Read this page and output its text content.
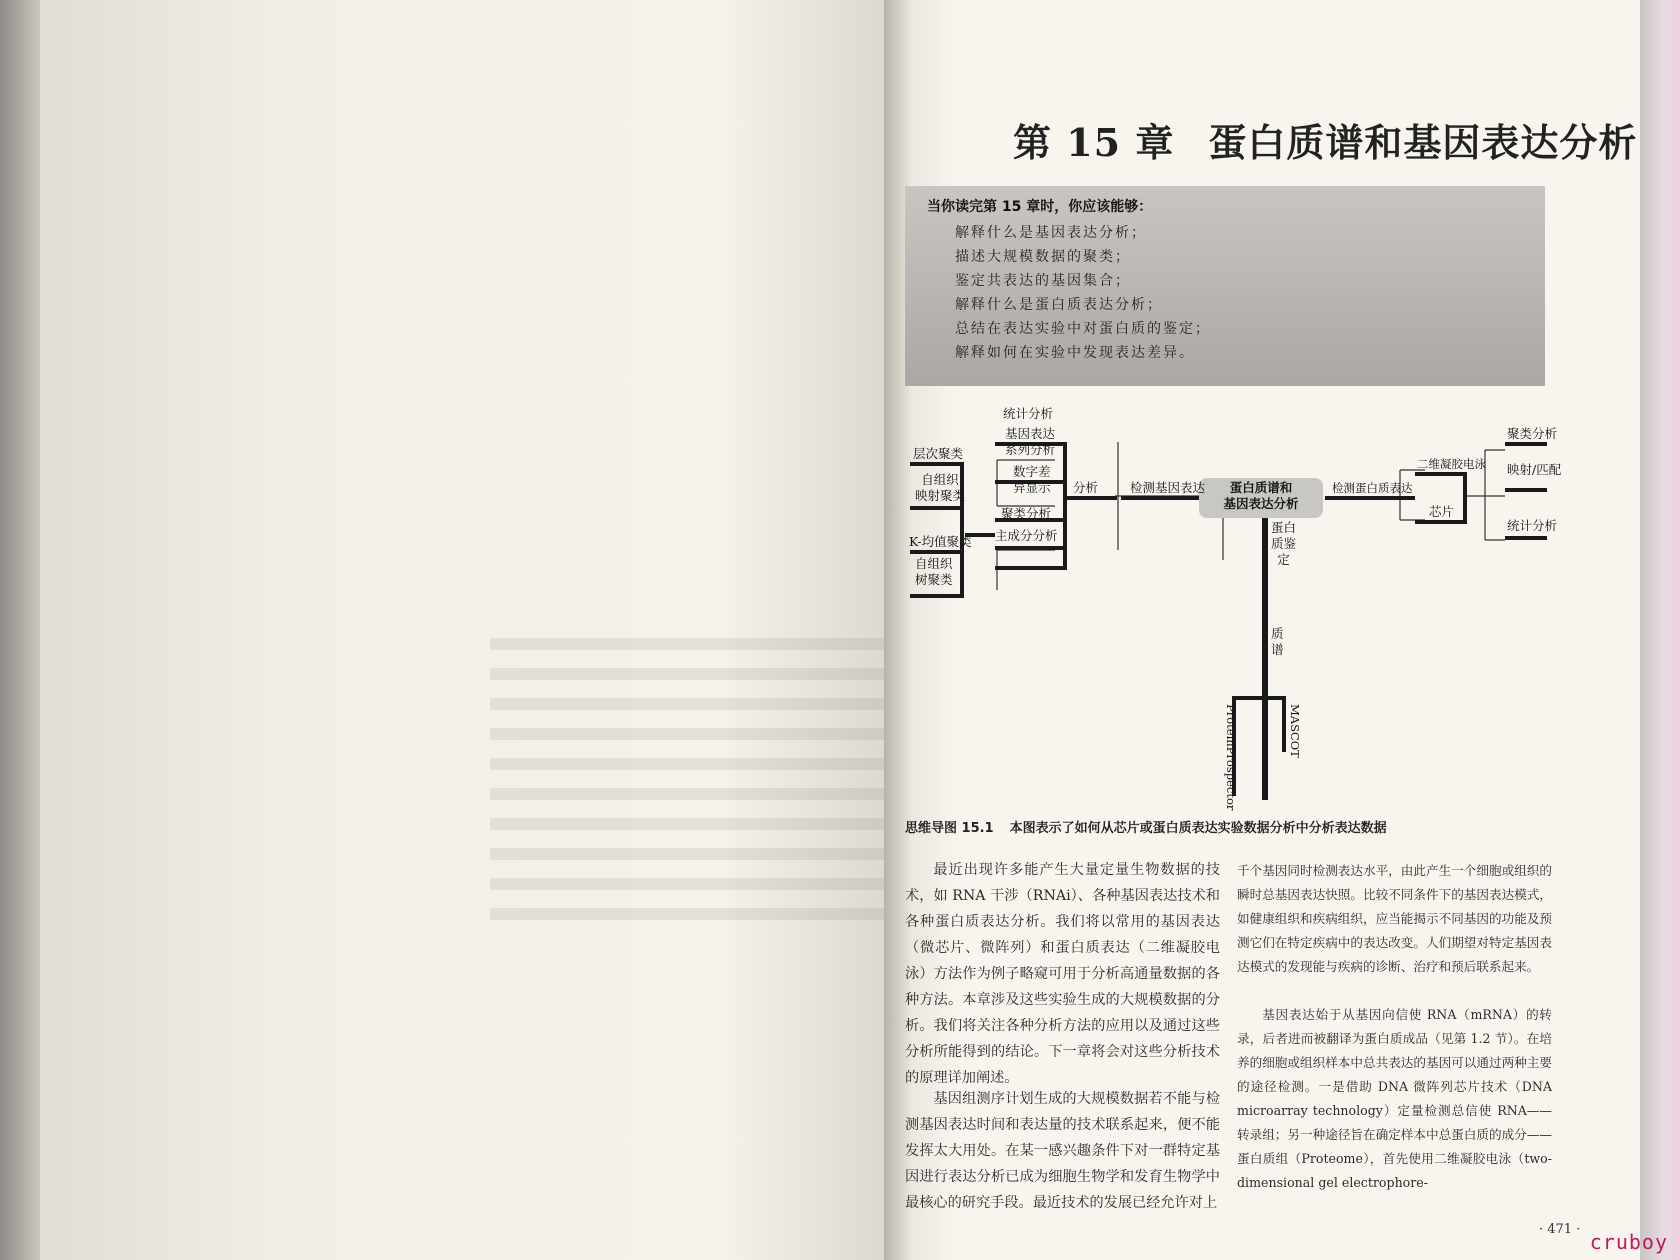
第 15 章 蛋白质谱和基因表达分析
当你读完第 15 章时，你应该能够：
解释什么是基因表达分析；
描述大规模数据的聚类；
鉴定共表达的基因集合；
解释什么是蛋白质表达分析；
总结在表达实验中对蛋白质的鉴定；
解释如何在实验中发现表达差异。
统计分析
基因表达
系列分析
数字差
异显示
聚类分析
主成分分析
层次聚类
自组织
映射聚类
K-均值聚类
自组织
树聚类
分析	检测基因表达	蛋白质谱和
基因表达分析
检测蛋白质表达
二维凝胶电泳
芯片
聚类分析
映射/匹配
统计分析
蛋白
质鉴
定
质
谱
ProteinProspector	MASCOT
思维导图 15.1 本图表示了如何从芯片或蛋白质表达实验数据分析中分析表达数据
最近出现许多能产生大量定量生物数据的技术，如 RNA 干涉（RNAi）、各种基因表达技术和各种蛋白质表达分析。我们将以常用的基因表达（微芯片、微阵列）和蛋白质表达（二维凝胶电泳）方法作为例子略窥可用于分析高通量数据的各种方法。本章涉及这些实验生成的大规模数据的分析。我们将关注各种分析方法的应用以及通过这些分析所能得到的结论。下一章将会对这些分析技术的原理详加阐述。
基因组测序计划生成的大规模数据若不能与检测基因表达时间和表达量的技术联系起来，便不能发挥太大用处。在某一感兴趣条件下对一群特定基因进行表达分析已成为细胞生物学和发育生物学中最核心的研究手段。最近技术的发展已经允许对上
千个基因同时检测表达水平，由此产生一个细胞或组织的瞬时总基因表达快照。比较不同条件下的基因表达模式，如健康组织和疾病组织，应当能揭示不同基因的功能及预测它们在特定疾病中的表达改变。人们期望对特定基因表达模式的发现能与疾病的诊断、治疗和预后联系起来。
基因表达始于从基因向信使 RNA（mRNA）的转录，后者进而被翻译为蛋白质成品（见第 1.2 节）。在培养的细胞或组织样本中总共表达的基因可以通过两种主要的途径检测。一是借助 DNA 微阵列芯片技术（DNA microarray technology）定量检测总信使 RNA——转录组；另一种途径旨在确定样本中总蛋白质的成分——蛋白质组（Proteome），首先使用二维凝胶电泳（two-dimensional gel electrophore-
· 471 ·
cruboy
